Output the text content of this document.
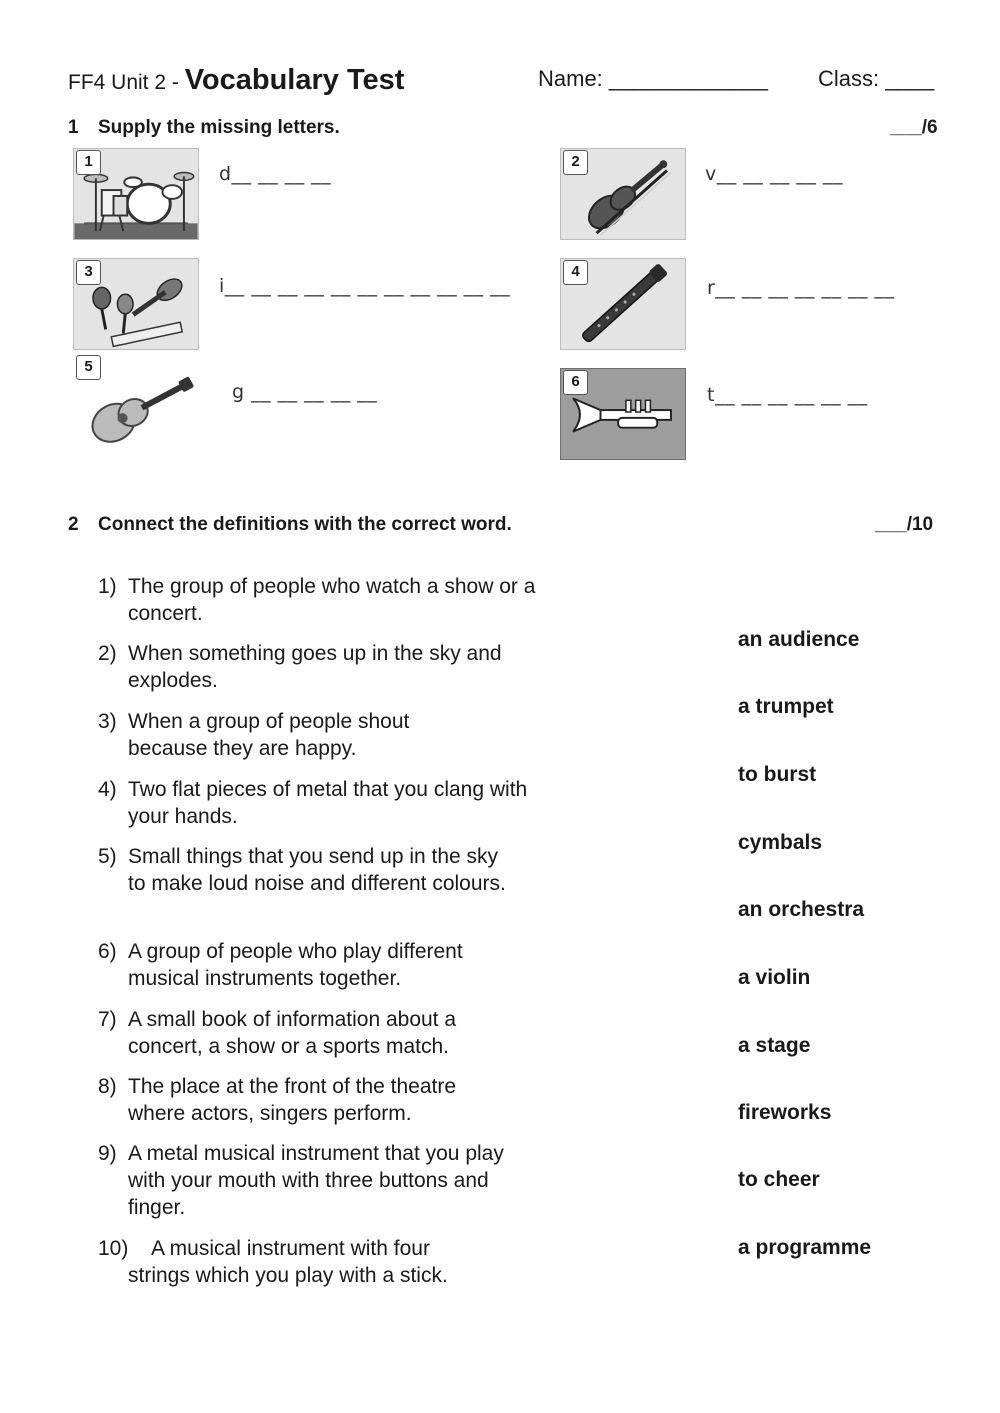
FF4 Unit 2 - Vocabulary Test	Name: _____________ Class: ____
1 Supply the missing letters.	___/6
1
d__ __ __ __
2
v__ __ __ __ __
3
i__ __ __ __ __ __ __ __ __ __ __
4
r__ __ __ __ __ __ __
5
g __ __ __ __ __	6
t__ __ __ __ __ __
2 Connect the definitions with the correct word.	___/10
1) The group of people who watch a show or a concert.
2) When something goes up in the sky and explodes.
3) When a group of people shout because they are happy.
4) Two flat pieces of metal that you clang with your hands.
5) Small things that you send up in the sky to make loud noise and different colours.
6) A group of people who play different musical instruments together.
7) A small book of information about a concert, a show or a sports match.
8) The place at the front of the theatre where actors, singers perform.
9) A metal musical instrument that you play with your mouth with three buttons and finger.
10) A musical instrument with four strings which you play with a stick.
an audience
a trumpet
to burst
cymbals
an orchestra
a violin
a stage
fireworks
to cheer
a programme
